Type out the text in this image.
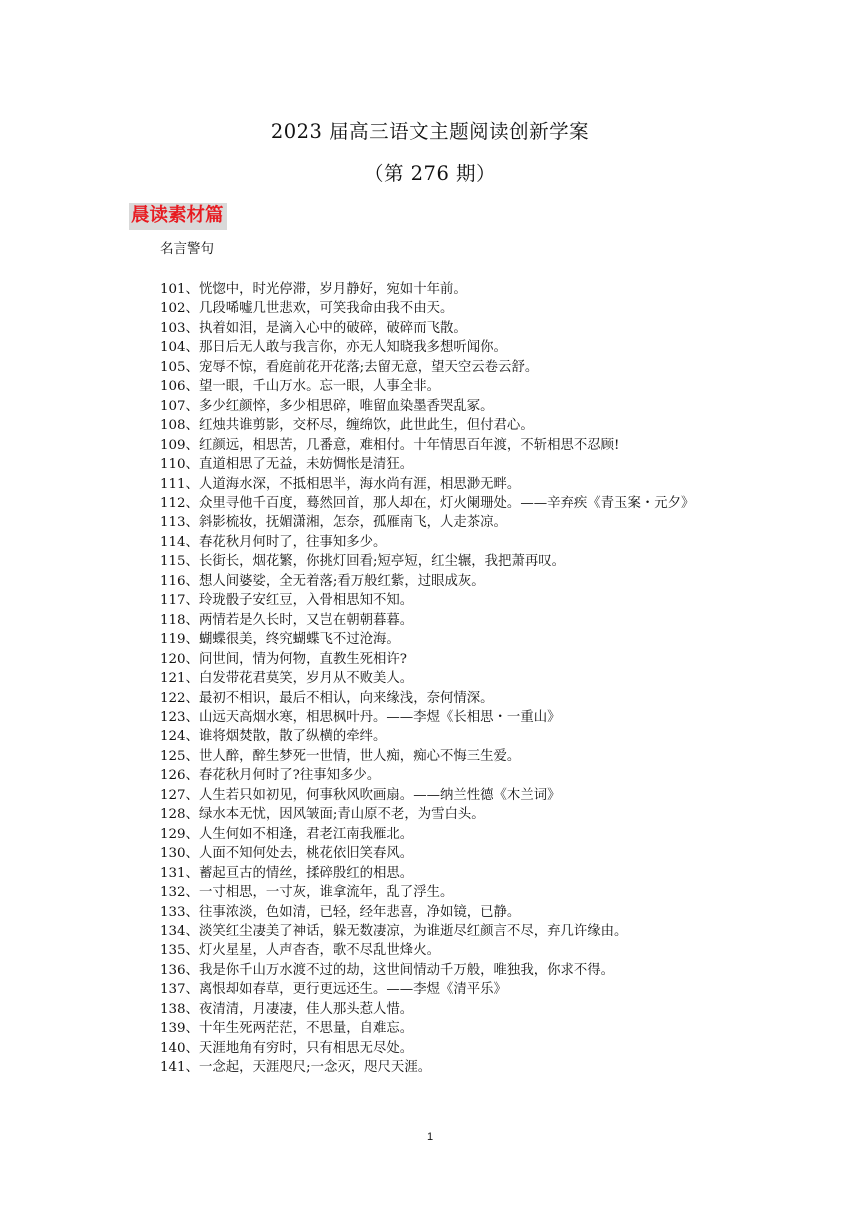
2023 届高三语文主题阅读创新学案
（第 276 期）
晨读素材篇
名言警句
101、恍惚中，时光停滞，岁月静好，宛如十年前。
102、几段唏嘘几世悲欢，可笑我命由我不由天。
103、执着如泪，是滴入心中的破碎，破碎而飞散。
104、那日后无人敢与我言你，亦无人知晓我多想听闻你。
105、宠辱不惊，看庭前花开花落;去留无意，望天空云卷云舒。
106、望一眼，千山万水。忘一眼，人事全非。
107、多少红颜悴，多少相思碎，唯留血染墨香哭乱冢。
108、红烛共谁剪影，交杯尽，缠绵饮，此世此生，但付君心。
109、红颜远，相思苦，几番意，难相付。十年情思百年渡，不斩相思不忍顾!
110、直道相思了无益，未妨惆怅是清狂。
111、人道海水深，不抵相思半，海水尚有涯，相思渺无畔。
112、众里寻他千百度，蓦然回首，那人却在，灯火阑珊处。——辛弃疾《青玉案・元夕》
113、斜影梳妆，抚媚潇湘，怎奈，孤雁南飞，人走茶凉。
114、春花秋月何时了，往事知多少。
115、长街长，烟花繁，你挑灯回看;短亭短，红尘辗，我把萧再叹。
116、想人间婆娑，全无着落;看万般红紫，过眼成灰。
117、玲珑骰子安红豆，入骨相思知不知。
118、两情若是久长时，又岂在朝朝暮暮。
119、蝴蝶很美，终究蝴蝶飞不过沧海。
120、问世间，情为何物，直教生死相许?
121、白发带花君莫笑，岁月从不败美人。
122、最初不相识，最后不相认，向来缘浅，奈何情深。
123、山远天高烟水寒，相思枫叶丹。——李煜《长相思・一重山》
124、谁将烟焚散，散了纵横的牵绊。
125、世人醉，醉生梦死一世情，世人痴，痴心不悔三生爱。
126、春花秋月何时了?往事知多少。
127、人生若只如初见，何事秋风吹画扇。——纳兰性德《木兰词》
128、绿水本无忧，因风皱面;青山原不老，为雪白头。
129、人生何如不相逢，君老江南我雁北。
130、人面不知何处去，桃花依旧笑春风。
131、蓄起亘古的情丝，揉碎殷红的相思。
132、一寸相思，一寸灰，谁拿流年，乱了浮生。
133、往事浓淡，色如清，已轻，经年悲喜，净如镜，已静。
134、淡笑红尘凄美了神话，躲无数凄凉，为谁逝尽红颜言不尽，弃几许缘由。
135、灯火星星，人声杳杳，歌不尽乱世烽火。
136、我是你千山万水渡不过的劫，这世间情动千万般，唯独我，你求不得。
137、离恨却如春草，更行更远还生。——李煜《清平乐》
138、夜清清，月凄凄，佳人那头惹人惜。
139、十年生死两茫茫，不思量，自难忘。
140、天涯地角有穷时，只有相思无尽处。
141、一念起，天涯咫尺;一念灭，咫尺天涯。
1
